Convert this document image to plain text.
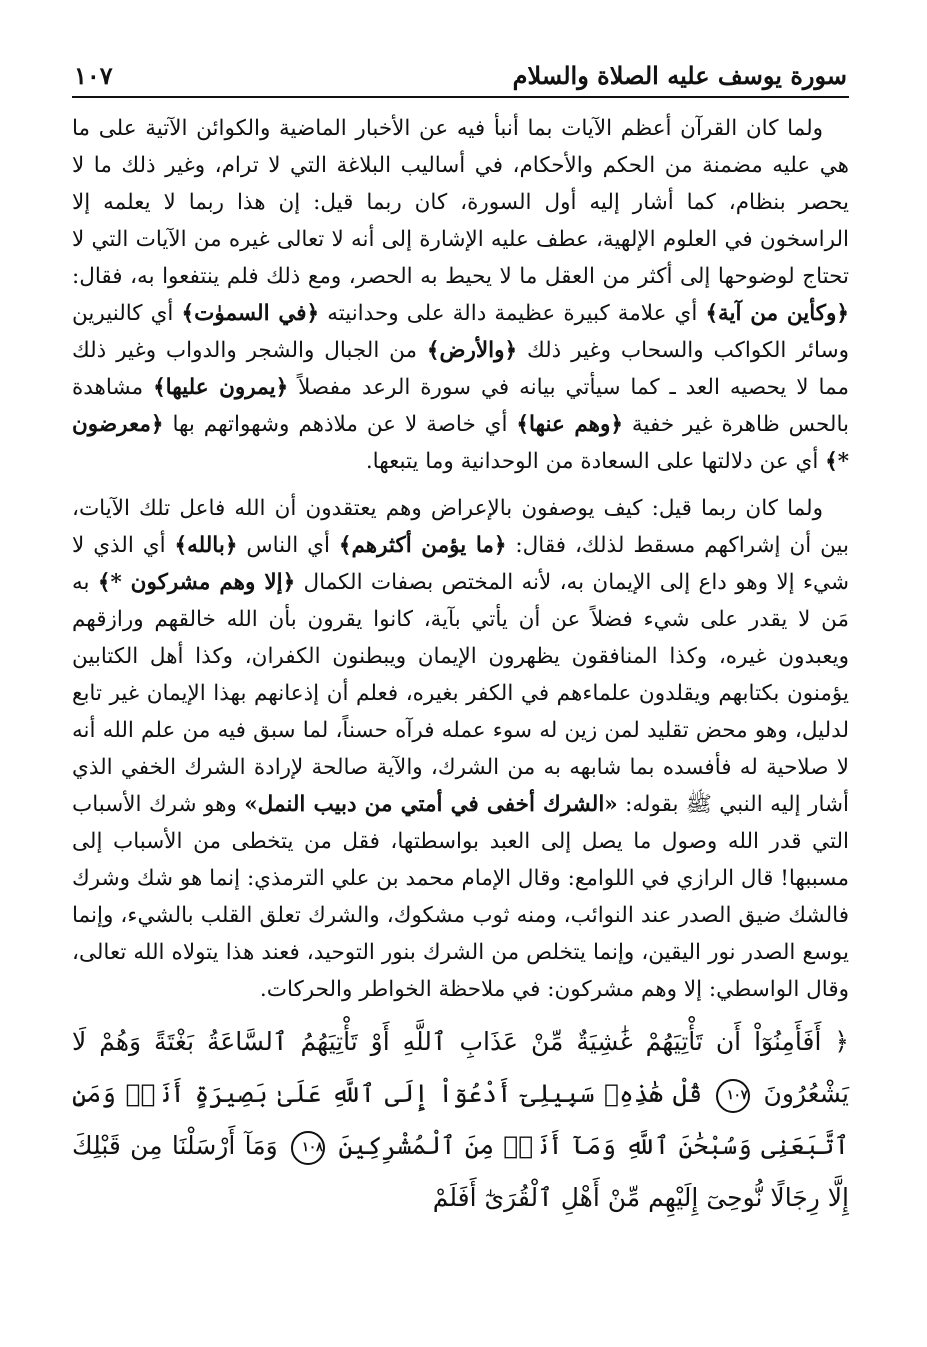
سورة يوسف عليه الصلاة والسلام
١٠٧

ولما كان القرآن أعظم الآيات بما أنبأ فيه عن الأخبار الماضية والكوائن الآتية على ما هي عليه مضمنة من الحكم والأحكام، في أساليب البلاغة التي لا ترام، وغير ذلك ما لا يحصر بنظام، كما أشار إليه أول السورة، كان ربما قيل: إن هذا ربما لا يعلمه إلا الراسخون في العلوم الإلهية، عطف عليه الإشارة إلى أنه لا تعالى غيره من الآيات التي لا تحتاج لوضوحها إلى أكثر من العقل ما لا يحيط به الحصر، ومع ذلك فلم ينتفعوا به، فقال: ﴿وكأين من آية﴾ أي علامة كبيرة عظيمة دالة على وحدانيته ﴿في السموٰت﴾ أي كالنيرين وسائر الكواكب والسحاب وغير ذلك ﴿والأرض﴾ من الجبال والشجر والدواب وغير ذلك مما لا يحصيه العد ـ كما سيأتي بيانه في سورة الرعد مفصلاً ﴿يمرون عليها﴾ مشاهدة بالحس ظاهرة غير خفية ﴿وهم عنها﴾ أي خاصة لا عن ملاذهم وشهواتهم بها ﴿معرضون *﴾ أي عن دلالتها على السعادة من الوحدانية وما يتبعها.

ولما كان ربما قيل: كيف يوصفون بالإعراض وهم يعتقدون أن الله فاعل تلك الآيات، بين أن إشراكهم مسقط لذلك، فقال: ﴿ما يؤمن أكثرهم﴾ أي الناس ﴿بالله﴾ أي الذي لا شيء إلا وهو داع إلى الإيمان به، لأنه المختص بصفات الكمال ﴿إلا وهم مشركون *﴾ به مَن لا يقدر على شيء فضلاً عن أن يأتي بآية، كانوا يقرون بأن الله خالقهم ورازقهم ويعبدون غيره، وكذا المنافقون يظهرون الإيمان ويبطنون الكفران، وكذا أهل الكتابين يؤمنون بكتابهم ويقلدون علماءهم في الكفر بغيره، فعلم أن إذعانهم بهذا الإيمان غير تابع لدليل، وهو محض تقليد لمن زين له سوء عمله فرآه حسناً، لما سبق فيه من علم الله أنه لا صلاحية له فأفسده بما شابهه به من الشرك، والآية صالحة لإرادة الشرك الخفي الذي أشار إليه النبي ﷺ بقوله: «الشرك أخفى في أمتي من دبيب النمل» وهو شرك الأسباب التي قدر الله وصول ما يصل إلى العبد بواسطتها، فقل من يتخطى من الأسباب إلى مسببها! قال الرازي في اللوامع: وقال الإمام محمد بن علي الترمذي: إنما هو شك وشرك فالشك ضيق الصدر عند النوائب، ومنه ثوب مشكوك، والشرك تعلق القلب بالشيء، وإنما يوسع الصدر نور اليقين، وإنما يتخلص من الشرك بنور التوحيد، فعند هذا يتولاه الله تعالى، وقال الواسطي: إلا وهم مشركون: في ملاحظة الخواطر والحركات.

﴿ أَفَأَمِنُوٓاْ أَن تَأْتِيَهُمْ غَٰشِيَةٌ مِّنْ عَذَابِ ٱللَّهِ أَوْ تَأْتِيَهُمُ ٱلسَّاعَةُ بَغْتَةً وَهُمْ لَا يَشْعُرُونَ ١٠٧ قُلْ هَٰذِهِۦ سَبِيلِىٓ أَدْعُوٓاْ إِلَى ٱللَّهِ عَلَىٰ بَصِيرَةٍ أَنَا۠ وَمَنِ ٱتَّبَعَنِى وَسُبْحَٰنَ ٱللَّهِ وَمَآ أَنَا۠ مِنَ ٱلْمُشْرِكِينَ ١٠٨ وَمَآ أَرْسَلْنَا مِن قَبْلِكَ إِلَّا رِجَالًا نُّوحِىٓ إِلَيْهِم مِّنْ أَهْلِ ٱلْقُرَىٰٓ أَفَلَمْ
